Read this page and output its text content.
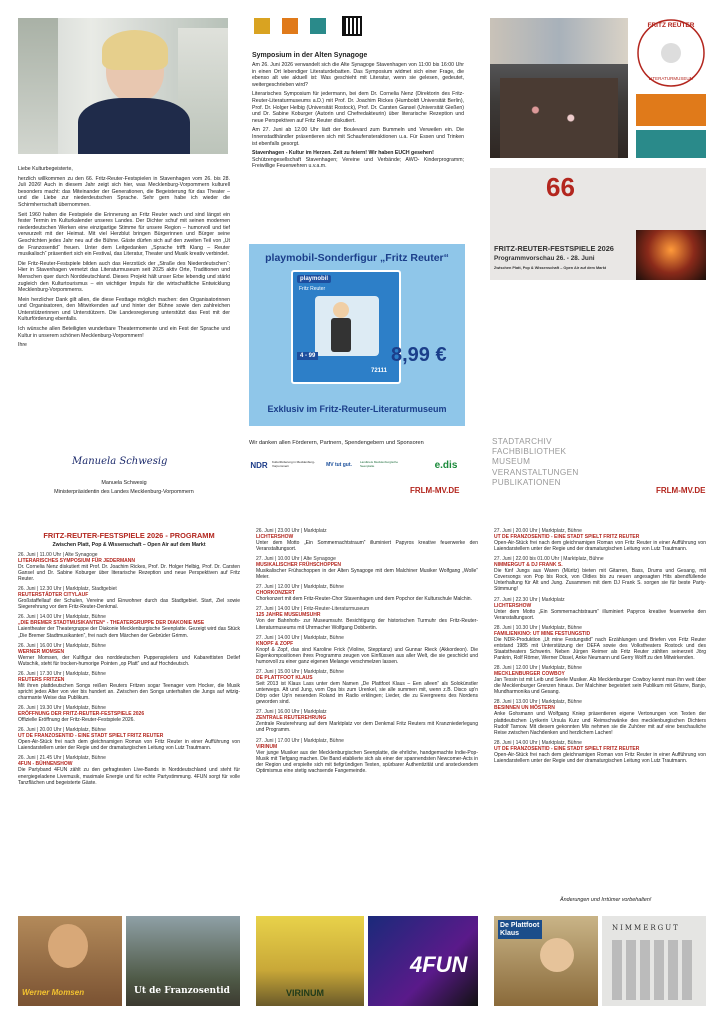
Liebe Kulturbegeisterte,

herzlich willkommen zu den 66. Fritz-Reuter-Festspielen in Stavenhagen vom 26. bis 28. Juli 2026! Auch in diesem Jahr zeigt sich hier, was Mecklenburg-Vorpommern kulturell besonders macht: das Miteinander der Generationen, die Begeisterung für das Theater – und die Liebe zur niederdeutschen Sprache. Sehr gern habe ich wieder die Schirmherrschaft übernommen.

Seit 1960 halten die Festspiele die Erinnerung an Fritz Reuter wach und sind längst ein fester Termin im Kulturkalender unseres Landes. Der Dichter schuf mit seinen modernen niederdeutschen Werken eine einzigartige Stimme für unsere Region – humorvoll und tief verwurzelt mit der Heimat. Mit viel Herzblut bringen Bürgerinnen und Bürger seine Geschichten jedes Jahr neu auf die Bühne. Gäste dürfen sich auf den zweiten Teil von „Ut de Franzosentid“ freuen. Unter dem Leitgedanken „Sprache trifft Klang – Reuter musikalisch“ präsentiert sich ein Festival, das Literatur, Theater und Musik kreativ verbindet.

Die Fritz-Reuter-Festspiele bilden auch das Herzstück der „Straße des Niederdeutschen“: Hier in Stavenhagen vernetzt das Literaturmuseum seit 2025 aktiv Orte, Traditionen und Menschen quer durch Norddeutschland. Dieses Projekt hält unser Erbe lebendig und stärkt zugleich den Kulturtourismus – ein wichtiger Impuls für die wirtschaftliche Entwicklung Mecklenburg-Vorpommerns.

Mein herzlicher Dank gilt allen, die diese Festtage möglich machen: den Organisatorinnen und Organisatoren, den Mitwirkenden auf und hinter der Bühne sowie den zahlreichen Unterstützerinnen und Unterstützern. Die Landesregierung unterstützt das Fest mit der Kulturförderung ebenfalls.

Ich wünsche allen Beteiligten wunderbare Theatermomente und ein Fest der Sprache und Kultur in unserem schönen Mecklenburg-Vorpommern!

Ihre

Manuela Schwesig
Manuela Schwesig
Ministerpräsidentin des Landes Mecklenburg-Vorpommern
Symposium in der Alten Synagoge

Am 26. Juni 2026 verwandelt sich die Alte Synagoge Stavenhagen von 11:00 bis 16:00 Uhr in einen Ort lebendiger Literaturdebatten. Das Symposium widmet sich einer Frage, die ebenso alt wie aktuell ist: Was geschieht mit Literatur, wenn sie gelesen, gedeutet, weitergeschrieben wird?

Literarisches Symposium für jedermann, bei dem Dr. Cornelia Nenz (Direktorin des Fritz-Reuter-Literaturmuseums a.D.) mit Prof. Dr. Joachim Rickes (Humboldt Universität Berlin), Prof. Dr. Holger Helbig (Universität Rostock), Prof. Dr. Carsten Gansel (Universität Gießen) und Dr. Sabine Koburger (Autorin und Chefredakteurin) über literarische Rezeption und neue Perspektiven auf Fritz Reuter diskutiert.

Am 27. Juni ab 12.00 Uhr lädt der Boulevard zum Bummeln und Verweilen ein. Die Innenstadthändler präsentieren sich mit Schaufensteraktionen u.a. Für Essen und Trinken ist ebenfalls gesorgt.

Stavenhagen - Kultur im Herzen. Zeit zu feiern! Wir haben EUCH gesehen!

Schützengesellschaft Stavenhagen; Vereine und Verbände; AWO- Kinderprogramm; Freiwillige Feuerwehren u.v.a.m.

playmobil-Sonderfigur „Fritz Reuter“
playmobil
Fritz Reuter
4 - 99
72111
8,99 €
Exklusiv im Fritz-Reuter-Literaturmuseum
Wir danken allen Förderern, Partnern, Spendengebern und Sponsoren
NDR	Kulturförderung in Mecklenburg-Vorpommern	MV tut gut.	Landkreis Mecklenburgische Seenplatte	e.dis
FRLM-MV.DE
FRITZ REUTER
LITERATURMUSEUM
66
FRITZ-REUTER-FESTSPIELE 2026
Programmvorschau 26. - 28. Juni
Zwischen Platt, Pop & Wissenschaft – Open Air auf dem Markt
STADTARCHIV
FACHBIBLIOTHEK
MUSEUM
VERANSTALTUNGEN
PUBLIKATIONEN
FRLM-MV.DE
FRITZ-REUTER-FESTSPIELE 2026 - PROGRAMM
Zwischen Platt, Pop & Wissenschaft – Open Air auf dem Markt
26. Juni | 11.00 Uhr | Alte Synagoge
LITERARISCHES SYMPOSIUM FÜR JEDERMANN
Dr. Cornelia Nenz diskutiert mit Prof. Dr. Joachim Rickes, Prof. Dr. Holger Helbig, Prof. Dr. Carsten Gansel und Dr. Sabine Koburger über literarische Rezeption und neue Perspektiven auf Fritz Reuter.
26. Juni | 12.30 Uhr | Marktplatz, Stadtgebiet
REUTERSTÄDTER CITYLAUF
Großstaffellauf der Schulen, Vereine und Einwohner durch das Stadtgebiet. Start, Ziel sowie Siegerehrung vor dem Fritz-Reuter-Denkmal.
26. Juni | 14.00 Uhr | Marktplatz, Bühne
„DIE BREMER STADTMUSIKANTEN“ - THEATERGRUPPE DER DIAKONIE MSE
Laientheater der Theatergruppe der Diakonie Mecklenburgische Seenplatte. Gezeigt wird das Stück „Die Bremer Stadtmusikanten“, frei nach dem Märchen der Gebrüder Grimm.
26. Juni | 16.00 Uhr | Marktplatz, Bühne
WERNER MOMSEN
Werner Momsen, der Kultfigur des norddeutschen Puppenspielers und Kabarettisten Detlef Wutschik, steht für trocken-humorige Pointen „op Platt“ und auf Hochdeutsch.
26. Juni | 17.30 Uhr | Marktplatz, Bühne
REUTERS FRITZEN
Mit ihren plattdeutschen Songs reißen Reuters Fritzen sogar Teenager vom Hocker, die Musik spricht jedes Alter von vier bis hundert an. Zwischen den Songs unterhalten die Jungs auf witzig-charmante Weise das Publikum.
26. Juni | 19.30 Uhr | Marktplatz, Bühne
ERÖFFNUNG DER FRITZ-REUTER-FESTSPIELE 2026
Offizielle Eröffnung der Fritz-Reuter-Festspiele 2026.
26. Juni | 20.00 Uhr | Marktplatz, Bühne
UT DE FRANZOSENTID - EINE STADT SPIELT FRITZ REUTER
Open-Air-Stück frei nach dem gleichnamigen Roman von Fritz Reuter in einer Aufführung von Laiendarstellern unter der Regie und der dramaturgischen Leitung von Lutz Trautmann.
26. Juni | 21.45 Uhr | Marktplatz, Bühne
4FUN - BÜHNENSHOW
Die Partyband 4FUN zählt zu den gefragtesten Live-Bands in Norddeutschland und steht für energiegeladene Livemusik, maximale Energie und für echte Partystimmung. 4FUN sorgt für volle Tanzflächen und begeisterte Gäste.
26. Juni | 23.00 Uhr | Marktplatz
LICHTERSHOW
Unter dem Motto „Ein Sommernachtstraum“ illuminiert Papyros kreative feuerwerke den Veranstaltungsort.
27. Juni | 10.00 Uhr | Alte Synagoge
MUSIKALISCHER FRÜHSCHOPPEN
Musikalischer Frühschoppen in der Alten Synagoge mit dem Malchiner Musiker Wolfgang „Wolle“ Meier.
27. Juni | 12.00 Uhr | Marktplatz, Bühne
CHORKONZERT
Chorkonzert mit dem Fritz-Reuter-Chor Stavenhagen und dem Popchor der Kulturschule Malchin.
27. Juni | 14.00 Uhr | Fritz-Reuter-Literaturmuseum
125 JAHRE MUSEUMSUHR
Von der Bahnhofs- zur Museumsuhr. Besichtigung der historischen Turmuhr des Fritz-Reuter-Literaturmuseums mit Uhrmacher Wolfgang Dobbertin.
27. Juni | 14.00 Uhr | Marktplatz, Bühne
KNOPF & ZOPF
Knopf & Zopf, das sind Karoline Frick (Violine, Stepptanz) und Gunnar Rieck (Akkordeon). Die Eigenkompositionen ihres Programms zeugen von Einflüssen aus aller Welt, die sie geschickt und humorvoll zu einer ganz eigenen Melange verschmelzen lassen.
27. Juni | 15.00 Uhr | Marktplatz, Bühne
DE PLATTFOOT KLAUS
Seit 2013 ist Klaus Lass unter dem Namen „De Plattfoot Klaus – Een alleen“ als Solokünstler unterwegs. Alt und Jung, vom Opa bis zum Urenkel, sie alle summen mit, wenn z.B. Disco up'n Dörp oder Up'n nesenden Roland im Radio erklingen; Lieder, die zu Evergreens des Nordens geworden sind.
27. Juni | 16.00 Uhr | Marktplatz
ZENTRALE REUTEREHRUNG
Zentrale Reuterehrung auf dem Marktplatz vor dem Denkmal Fritz Reuters mit Kranzniederlegung und Programm.
27. Juni | 17.00 Uhr | Marktplatz, Bühne
VIRINUM
Vier junge Musiker aus der Mecklenburgischen Seenplatte, die ehrliche, handgemachte Indie-Pop-Musik mit Tiefgang machen. Die Band etablierte sich als einer der spannendsten Newcomer-Acts in der Region und erspielte sich mit tiefgründigen Texten, spürbarer Authentizität und ansteckendem Optimismus eine stetig wachsende Fangemeinde.
27. Juni | 20.00 Uhr | Marktplatz, Bühne
UT DE FRANZOSENTID - EINE STADT SPIELT FRITZ REUTER
Open-Air-Stück frei nach dem gleichnamigen Roman von Fritz Reuter in einer Aufführung von Laiendarstellern unter der Regie und der dramaturgischen Leitung von Lutz Trautmann.
27. Juni | 22.00 bis 01.00 Uhr | Marktplatz, Bühne
NIMMERGUT & DJ FRANK S.
Die fünf Jungs aus Waren (Müritz) bieten mit Gitarren, Bass, Drums und Gesang, mit Coversongs von Pop bis Rock, von Oldies bis zu neuen angesagten Hits abendfüllende Unterhaltung für Alt und Jung. Zusammen mit dem DJ Frank S. sorgen sie für beste Party-Stimmung!
27. Juni | 22.30 Uhr | Marktplatz
LICHTERSHOW
Unter dem Motto „Ein Sommernachtstraum“ illuminiert Papyros kreative feuerwerke den Veranstaltungsort.
28. Juni | 10.30 Uhr | Marktplatz, Bühne
FAMILIENKINO: UT MINE FESTUNGSTID
Die NDR-Produktion „Ut mine Festungstid“ nach Erzählungen und Briefen von Fritz Reuter entstand 1985 mit Unterstützung der DEFA sowie des Volkstheaters Rostock und des Staatstheaters Schwerin. Neben Jürgen Reimer als Fritz Reuter zählten seinerzeit Jörg Pankrin, Rolf Römer, Werner Dissel, Anke Neumann und Gerry Wolff zu den Mitwirkenden.
28. Juni | 12.00 Uhr | Marktplatz, Bühne
MECKLENBURGER COWBOY
Jan Tessin ist mit Leib und Seele Musiker. Als Mecklenburger Cowboy kennt man ihn weit über die Mecklenburger Grenzen hinaus. Der Malchiner begeistert sein Publikum mit Gitarre, Banjo, Mundharmonika und Gesang.
28. Juni | 13.00 Uhr | Marktplatz, Bühne
BESINNEN UN MÖSTERN
Anke Gohsmann und Wolfgang Kniep präsentieren eigene Vertonungen von Texten der plattdeutschen Lyrikerin Ursula Kurz und Reimschwänke des mecklenburgischen Dichters Rudolf Tarnow. Mit diesem gekonnten Mix nehmen sie die Zuhörer mit auf eine beschauliche Reise zwischen Nachdenken und herzlichem Lachen!
28. Juni | 14.00 Uhr | Marktplatz, Bühne
UT DE FRANZOSENTID - EINE STADT SPIELT FRITZ REUTER
Open-Air-Stück frei nach dem gleichnamigen Roman von Fritz Reuter in einer Aufführung von Laiendarstellern unter der Regie und der dramaturgischen Leitung von Lutz Trautmann.
Änderungen und Irrtümer vorbehalten!
Werner Momsen	Ut de Franzosentid	VIRINUM
4FUN
De Plattfoot Klaus
NIMMERGUT
